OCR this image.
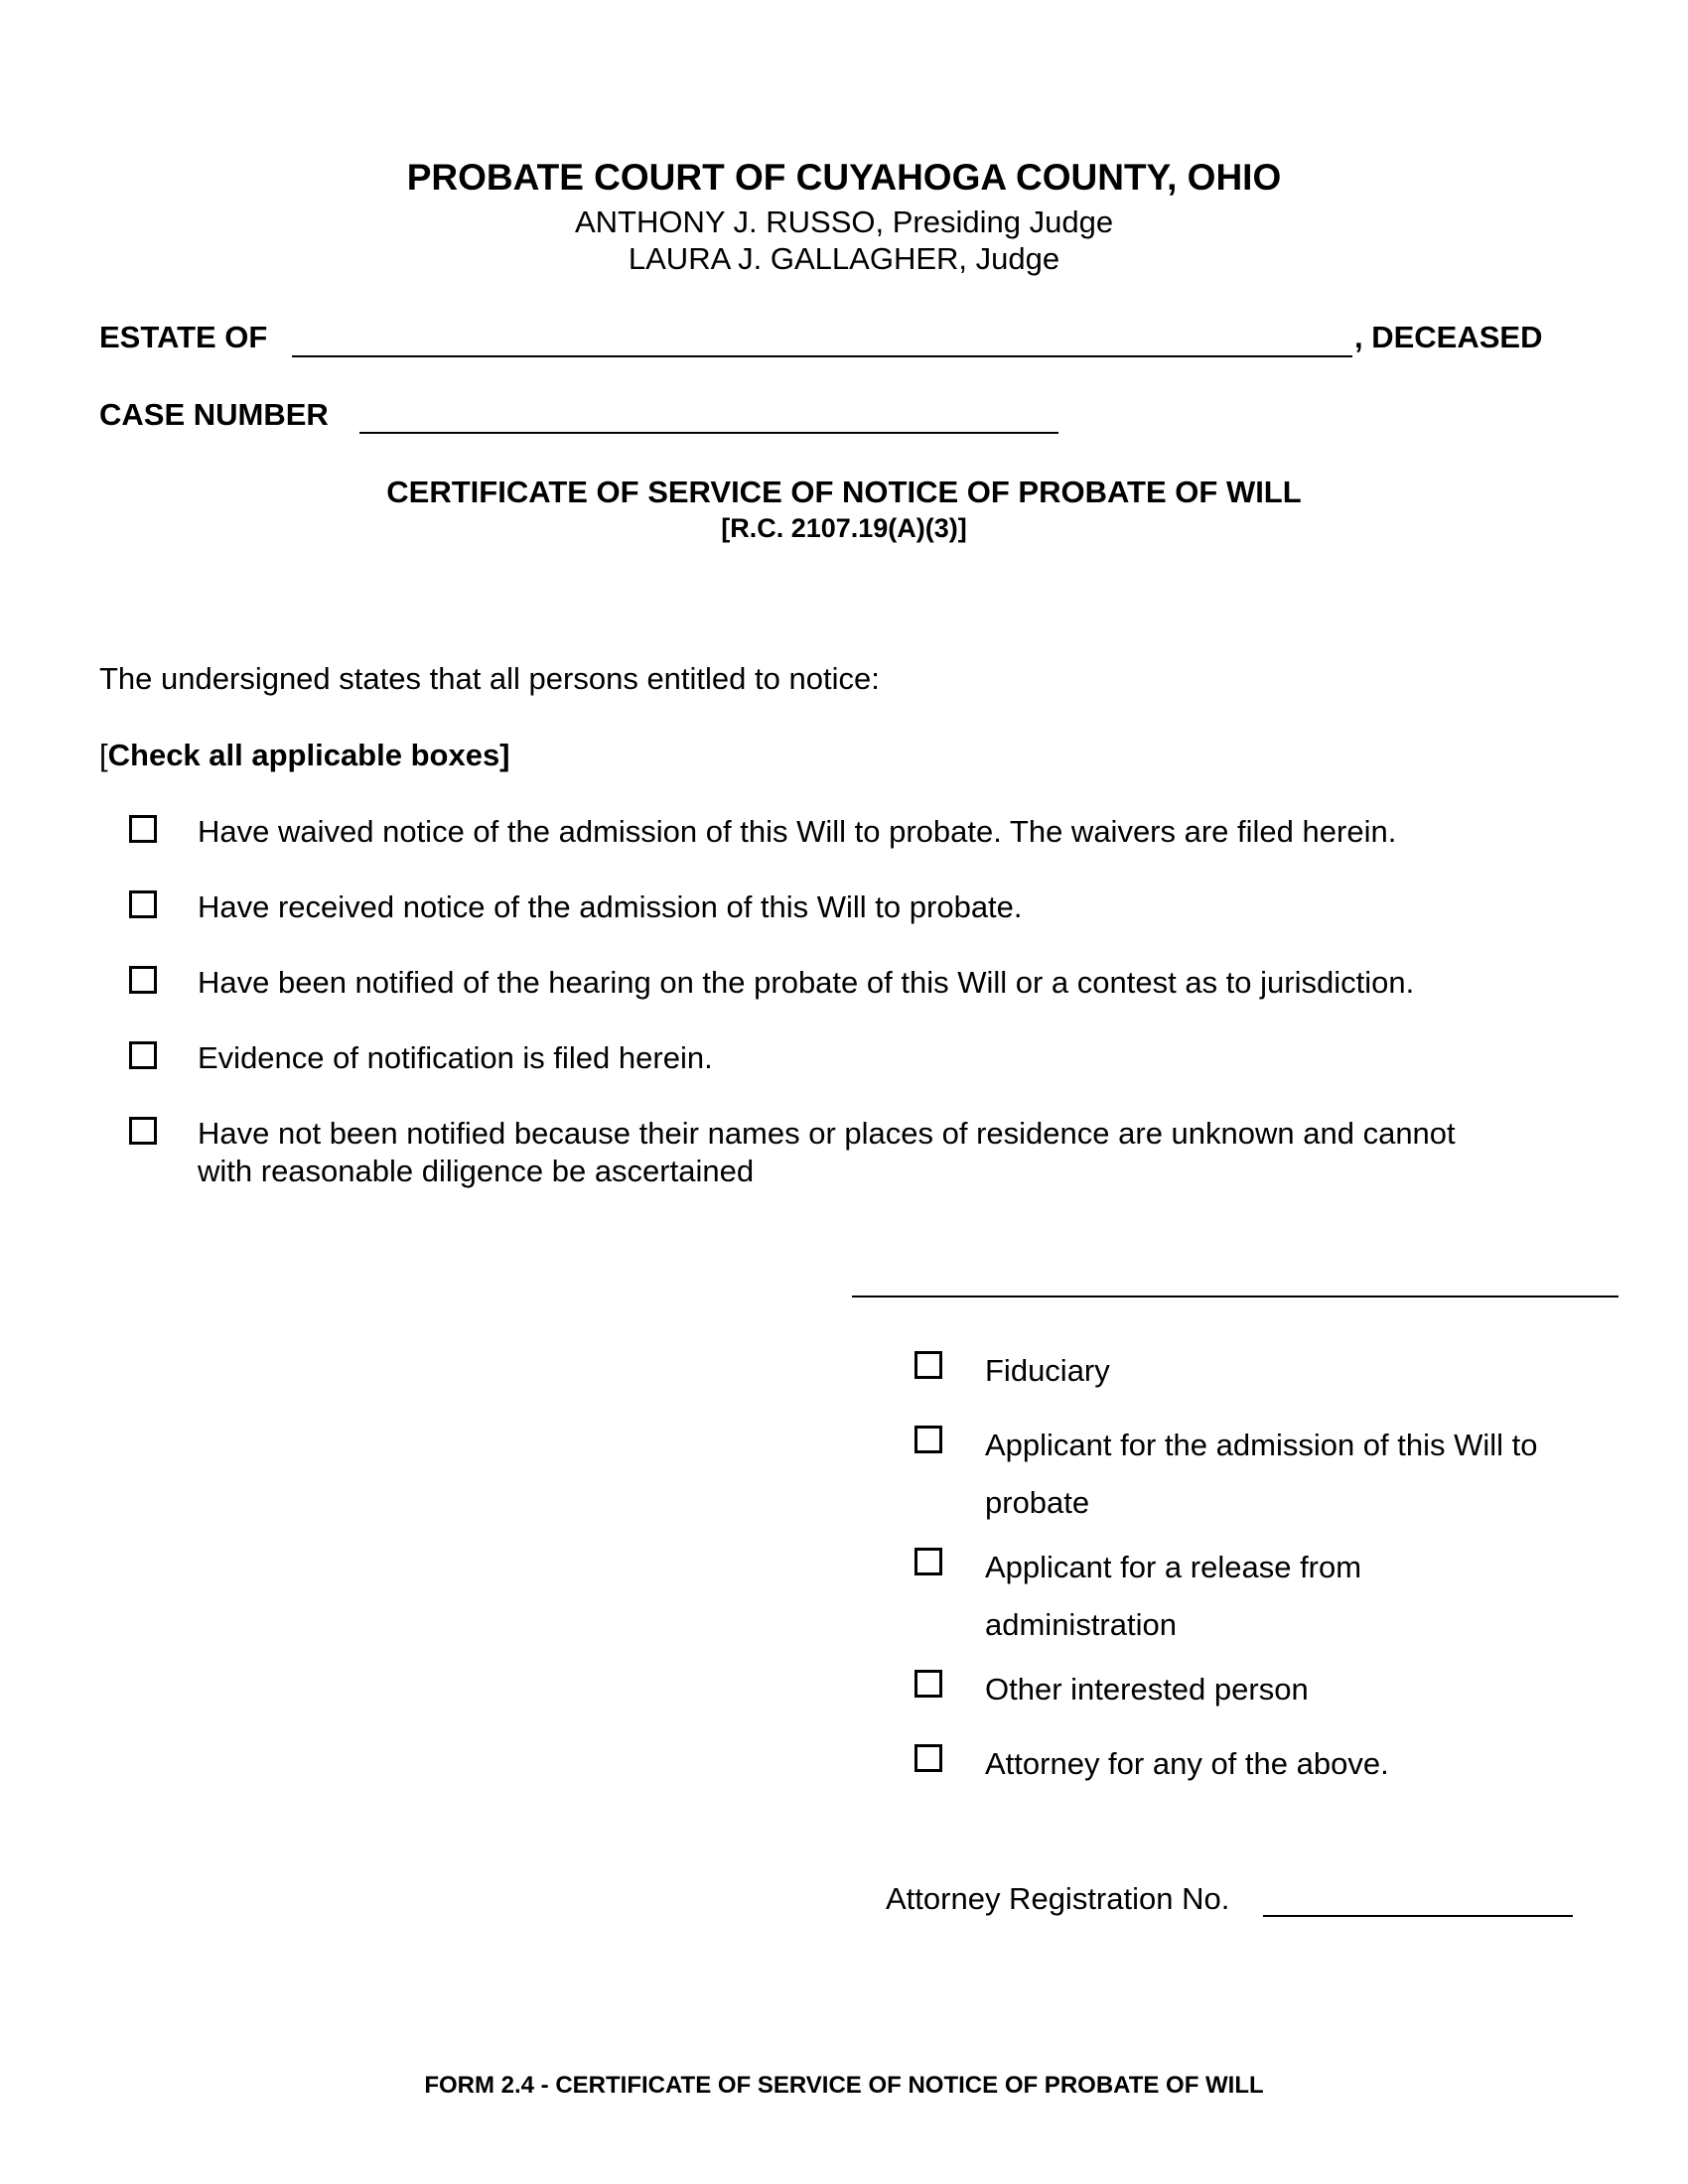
PROBATE COURT OF CUYAHOGA COUNTY, OHIO
ANTHONY J. RUSSO, Presiding Judge
LAURA J. GALLAGHER, Judge
ESTATE OF	, DECEASED
CASE NUMBER
CERTIFICATE OF SERVICE OF NOTICE OF PROBATE OF WILL
[R.C. 2107.19(A)(3)]
The undersigned states that all persons entitled to notice:
[Check all applicable boxes]
Have waived notice of the admission of this Will to probate. The waivers are filed herein.
Have received notice of the admission of this Will to probate.
Have been notified of the hearing on the probate of this Will or a contest as to jurisdiction.
Evidence of notification is filed herein.
Have not been notified because their names or places of residence are unknown and cannot
with reasonable diligence be ascertained
Fiduciary
Applicant for the admission of this Will to
probate
Applicant for a release from
administration
Other interested person
Attorney for any of the above.
Attorney Registration No.
FORM 2.4 - CERTIFICATE OF SERVICE OF NOTICE OF PROBATE OF WILL
